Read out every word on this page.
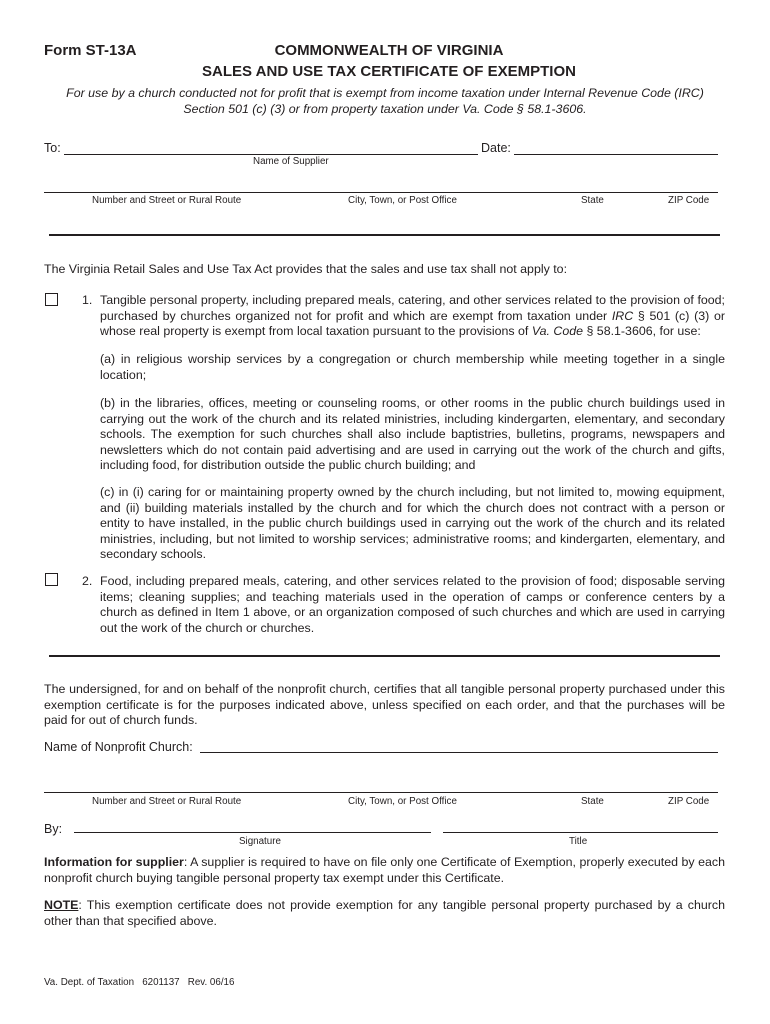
Form ST-13A	COMMONWEALTH OF VIRGINIA
SALES AND USE TAX CERTIFICATE OF EXEMPTION
For use by a church conducted not for profit that is exempt from income taxation under Internal Revenue Code (IRC)
Section 501 (c) (3) or from property taxation under Va. Code § 58.1-3606.
To:	Date:
Name of Supplier
Number and Street or Rural Route	City, Town, or Post Office	State	ZIP Code
The Virginia Retail Sales and Use Tax Act provides that the sales and use tax shall not apply to:
1. Tangible personal property, including prepared meals, catering, and other services related to the provision of food;
purchased by churches organized not for profit and which are exempt from taxation under IRC § 501 (c) (3) or
whose real property is exempt from local taxation pursuant to the provisions of Va. Code § 58.1-3606, for use:
(a) in religious worship services by a congregation or church membership while meeting together in a single location;
(b) in the libraries, offices, meeting or counseling rooms, or other rooms in the public church buildings used in carrying out the work of the church and its related ministries, including kindergarten, elementary, and secondary schools. The exemption for such churches shall also include baptistries, bulletins, programs, newspapers and newsletters which do not contain paid advertising and are used in carrying out the work of the church and gifts, including food, for distribution outside the public church building; and
(c) in (i) caring for or maintaining property owned by the church including, but not limited to, mowing equipment, and (ii) building materials installed by the church and for which the church does not contract with a person or entity to have installed, in the public church buildings used in carrying out the work of the church and its related ministries, including, but not limited to worship services; administrative rooms; and kindergarten, elementary, and secondary schools.
2. Food, including prepared meals, catering, and other services related to the provision of food; disposable serving items; cleaning supplies; and teaching materials used in the operation of camps or conference centers by a church as defined in Item 1 above, or an organization composed of such churches and which are used in carrying out the work of the church or churches.
The undersigned, for and on behalf of the nonprofit church, certifies that all tangible personal property purchased under this exemption certificate is for the purposes indicated above, unless specified on each order, and that the purchases will be paid for out of church funds.
Name of Nonprofit Church:
Number and Street or Rural Route	City, Town, or Post Office	State	ZIP Code
By:
Signature	Title
Information for supplier: A supplier is required to have on file only one Certificate of Exemption, properly executed by each nonprofit church buying tangible personal property tax exempt under this Certificate.
NOTE: This exemption certificate does not provide exemption for any tangible personal property purchased by a church other than that specified above.
Va. Dept. of Taxation   6201137   Rev. 06/16
